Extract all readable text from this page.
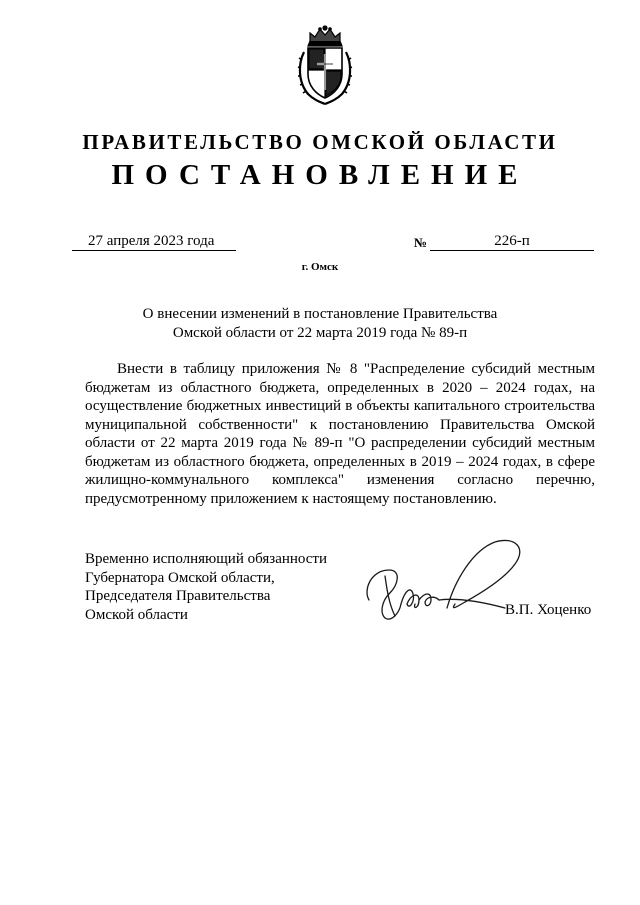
ПРАВИТЕЛЬСТВО ОМСКОЙ ОБЛАСТИ
ПОСТАНОВЛЕНИЕ
27 апреля 2023 года	№	226-п
г. Омск
О внесении изменений в постановление Правительства
Омской области от 22 марта 2019 года № 89-п

Внести в таблицу приложения № 8 "Распределение субсидий местным бюджетам из областного бюджета, определенных в 2020 – 2024 годах, на осуществление бюджетных инвестиций в объекты капитального строительства муниципальной собственности" к постановлению Правительства Омской области от 22 марта 2019 года № 89-п "О распределении субсидий местным бюджетам из областного бюджета, определенных в 2019 – 2024 годах, в сфере жилищно-коммунального комплекса" изменения согласно перечню, предусмотренному приложением к настоящему постановлению.

Временно исполняющий обязанности
Губернатора Омской области,
Председателя Правительства
Омской области	В.П. Хоценко
